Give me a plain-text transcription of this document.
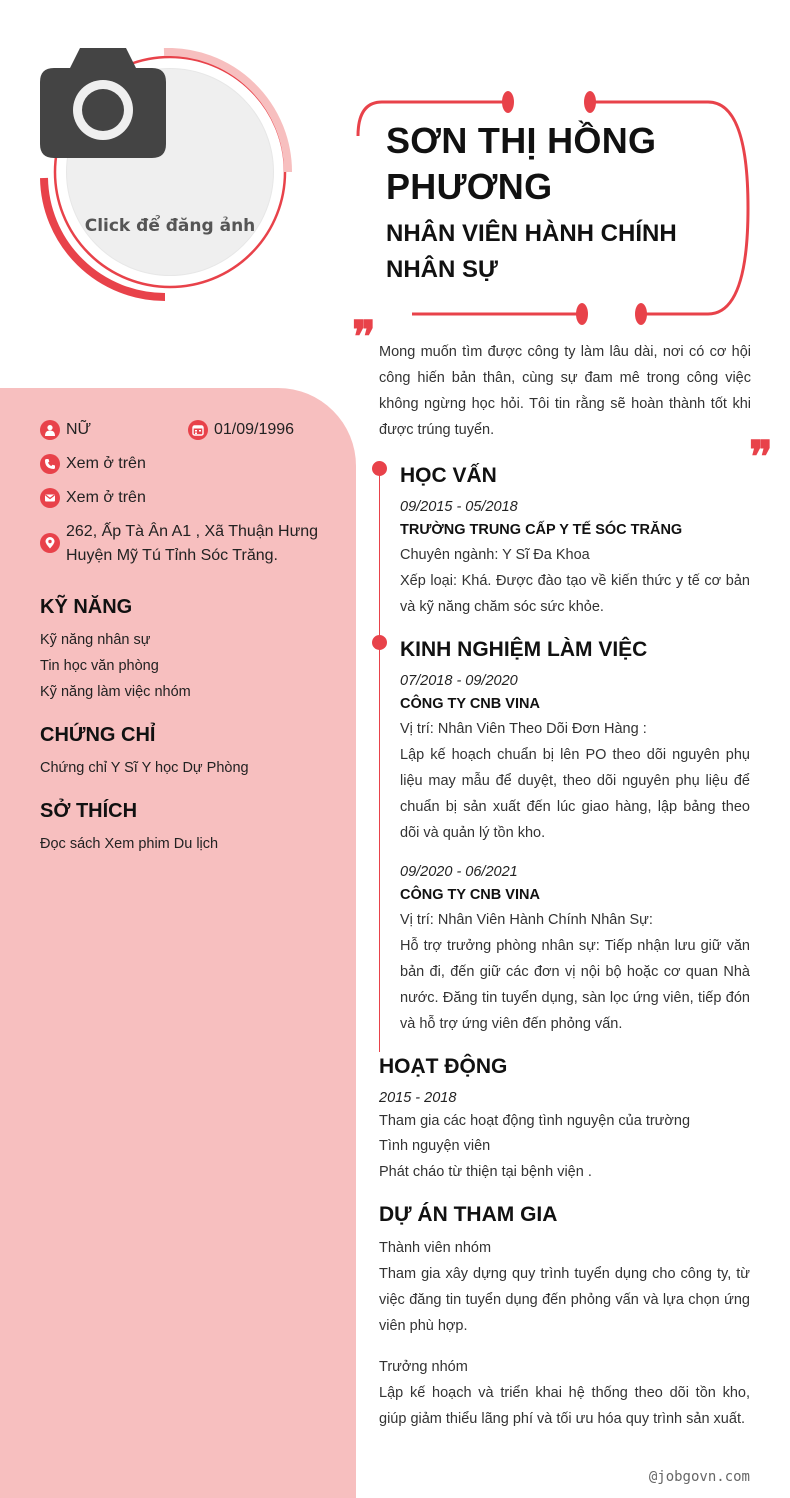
Click để đăng ảnh
SƠN THỊ HỒNG
PHƯƠNG
NHÂN VIÊN HÀNH CHÍNH
NHÂN SỰ
❞ Mong muốn tìm được công ty làm lâu dài, nơi có cơ hội công hiến bản thân, cùng sự đam mê trong công việc không ngừng học hỏi. Tôi tin rằng sẽ hoàn thành tốt khi được trúng tuyển.
❞
NỮ	01/09/1996
Xem ở trên
Xem ở trên
262, Ấp Tà Ân A1 , Xã Thuận Hưng
Huyện Mỹ Tú Tỉnh Sóc Trăng.
KỸ NĂNG
Kỹ năng nhân sự
Tin học văn phòng
Kỹ năng làm việc nhóm
CHỨNG CHỈ
Chứng chỉ Y Sĩ Y học Dự Phòng
SỞ THÍCH
Đọc sách Xem phim Du lịch
HỌC VẤN
09/2015 - 05/2018
TRƯỜNG TRUNG CẤP Y TẾ SÓC TRĂNG
Chuyên ngành: Y Sĩ Đa Khoa
Xếp loại: Khá. Được đào tạo về kiến thức y tế cơ bản và kỹ năng chăm sóc sức khỏe.
KINH NGHIỆM LÀM VIỆC
07/2018 - 09/2020
CÔNG TY CNB VINA
Vị trí: Nhân Viên Theo Dõi Đơn Hàng :
Lập kế hoạch chuẩn bị lên PO theo dõi nguyên phụ liệu may mẫu để duyệt, theo dõi nguyên phụ liệu để chuẩn bị sản xuất đến lúc giao hàng, lập bảng theo dõi và quản lý tồn kho.
09/2020 - 06/2021
CÔNG TY CNB VINA
Vị trí: Nhân Viên Hành Chính Nhân Sự:
Hỗ trợ trưởng phòng nhân sự: Tiếp nhận lưu giữ văn bản đi, đến giữ các đơn vị nội bộ hoặc cơ quan Nhà nước. Đăng tin tuyển dụng, sàn lọc ứng viên, tiếp đón và hỗ trợ ứng viên đến phỏng vấn.
HOẠT ĐỘNG
2015 - 2018
Tham gia các hoạt động tình nguyện của trường
Tình nguyện viên
Phát cháo từ thiện tại bệnh viện .
DỰ ÁN THAM GIA
Thành viên nhóm
Tham gia xây dựng quy trình tuyển dụng cho công ty, từ việc đăng tin tuyển dụng đến phỏng vấn và lựa chọn ứng viên phù hợp.
Trưởng nhóm
Lập kế hoạch và triển khai hệ thống theo dõi tồn kho, giúp giảm thiểu lãng phí và tối ưu hóa quy trình sản xuất.
@jobgovn.com
